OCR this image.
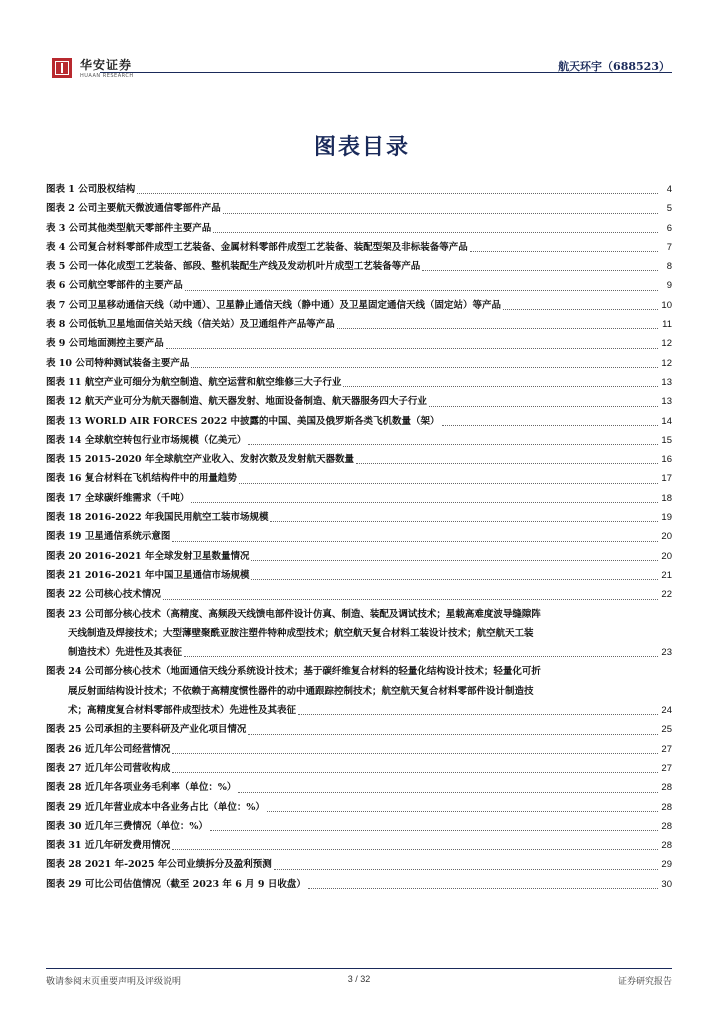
华安证券
HUAAN RESEARCH
航天环宇（688523）
图表目录
图表 1 公司股权结构	4
图表 2 公司主要航天微波通信零部件产品	5
表 3 公司其他类型航天零部件主要产品	6
表 4 公司复合材料零部件成型工艺装备、金属材料零部件成型工艺装备、装配型架及非标装备等产品	7
表 5 公司一体化成型工艺装备、部段、整机装配生产线及发动机叶片成型工艺装备等产品	8
表 6 公司航空零部件的主要产品	9
表 7 公司卫星移动通信天线（动中通）、卫星静止通信天线（静中通）及卫星固定通信天线（固定站）等产品	10
表 8 公司低轨卫星地面信关站天线（信关站）及卫通组件产品等产品	11
表 9 公司地面测控主要产品	12
表 10 公司特种测试装备主要产品	12
图表 11 航空产业可细分为航空制造、航空运营和航空维修三大子行业	13
图表 12 航天产业可分为航天器制造、航天器发射、地面设备制造、航天器服务四大子行业	13
图表 13 WORLD AIR FORCES 2022 中披露的中国、美国及俄罗斯各类飞机数量（架）	14
图表 14 全球航空转包行业市场规模（亿美元）	15
图表 15 2015-2020 年全球航空产业收入、发射次数及发射航天器数量	16
图表 16 复合材料在飞机结构件中的用量趋势	17
图表 17 全球碳纤维需求（千吨）	18
图表 18 2016-2022 年我国民用航空工装市场规模	19
图表 19 卫星通信系统示意图	20
图表 20 2016-2021 年全球发射卫星数量情况	20
图表 21 2016-2021 年中国卫星通信市场规模	21
图表 22 公司核心技术情况	22
图表 23 公司部分核心技术（高精度、高频段天线馈电部件设计仿真、制造、装配及调试技术；星载高难度波导缝隙阵
天线制造及焊接技术；大型薄壁聚酰亚胺注塑件特种成型技术；航空航天复合材料工装设计技术；航空航天工装
制造技术）先进性及其表征	23
图表 24 公司部分核心技术（地面通信天线分系统设计技术；基于碳纤维复合材料的轻量化结构设计技术；轻量化可折
展反射面结构设计技术；不依赖于高精度惯性器件的动中通跟踪控制技术；航空航天复合材料零部件设计制造技
术；高精度复合材料零部件成型技术）先进性及其表征	24
图表 25 公司承担的主要科研及产业化项目情况	25
图表 26 近几年公司经营情况	27
图表 27 近几年公司营收构成	27
图表 28 近几年各项业务毛利率（单位：%）	28
图表 29 近几年营业成本中各业务占比（单位：%）	28
图表 30 近几年三费情况（单位：%）	28
图表 31 近几年研发费用情况	28
图表 28 2021 年-2025 年公司业绩拆分及盈利预测	29
图表 29 可比公司估值情况（截至 2023 年 6 月 9 日收盘）	30
敬请参阅末页重要声明及评级说明	3 / 32	证券研究报告
